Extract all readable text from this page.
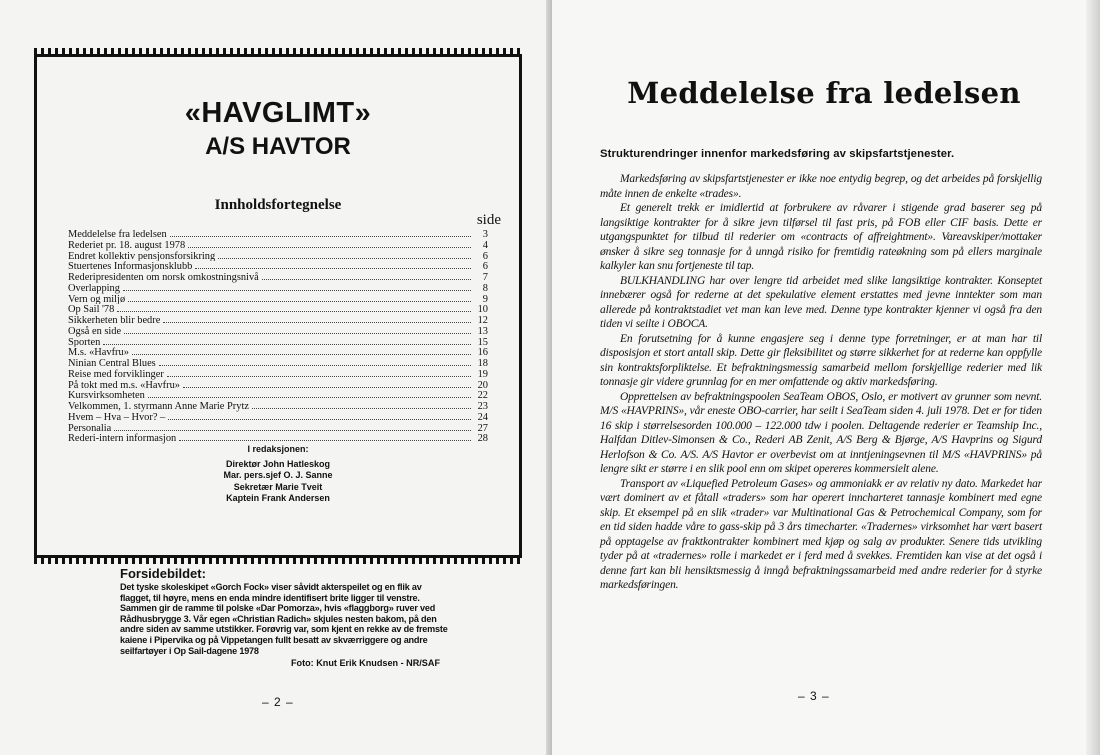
«HAVGLIMT»
A/S HAVTOR
Innholdsfortegnelse
side
Meddelelse fra ledelsen	3
Rederiet pr. 18. august 1978	4
Endret kollektiv pensjonsforsikring	6
Stuertenes Informasjonsklubb	6
Rederipresidenten om norsk omkostningsnivå	7
Overlapping	8
Vern og miljø	9
Op Sail '78	10
Sikkerheten blir bedre	12
Også en side	13
Sporten	15
M.s. «Havfru»	16
Ninian Central Blues	18
Reise med forviklinger	19
På tokt med m.s. «Havfru»	20
Kursvirksomheten	22
Velkommen, 1. styrmann Anne Marie Prytz	23
Hvem – Hva – Hvor? –	24
Personalia	27
Rederi-intern informasjon	28
I redaksjonen:
Direktør John Hatleskog
Mar. pers.sjef O. J. Sanne
Sekretær Marie Tveit
Kaptein Frank Andersen

Forsidebildet:

Det tyske skoleskipet «Gorch Fock» viser såvidt akterspeilet og en flik av flagget, til høyre, mens en enda mindre identifisert brite ligger til venstre. Sammen gir de ramme til polske «Dar Pomorza», hvis «flaggborg» ruver ved Rådhusbrygge 3. Vår egen «Christian Radich» skjules nesten bakom, på den andre siden av samme utstikker. Forøvrig var, som kjent en rekke av de fremste kaiene i Pipervika og på Vippetangen fullt besatt av skværriggere og andre seilfartøyer i Op Sail-dagene 1978

Foto: Knut Erik Knudsen - NR/SAF

– 2 –
Meddelelse fra ledelsen
Strukturendringer innenfor markedsføring av skipsfartstjenester.

Markedsføring av skipsfartstjenester er ikke noe entydig begrep, og det arbeides på forskjellig måte innen de enkelte «trades».

Et generelt trekk er imidlertid at forbrukere av råvarer i stigende grad baserer seg på langsiktige kontrakter for å sikre jevn tilførsel til fast pris, på FOB eller CIF basis. Dette er utgangspunktet for tilbud til rederier om «contracts of affreightment». Vareavskiper/mottaker ønsker å sikre seg tonnasje for å unngå risiko for fremtidig rateøkning som på ellers marginale kalkyler kan snu fortjeneste til tap.

BULKHANDLING har over lengre tid arbeidet med slike langsiktige kontrakter. Konseptet innebærer også for rederne at det spekulative element erstattes med jevne inntekter som man allerede på kontraktstadiet vet man kan leve med. Denne type kontrakter kjenner vi også fra den tiden vi seilte i OBOCA.

En forutsetning for å kunne engasjere seg i denne type forretninger, er at man har til disposisjon et stort antall skip. Dette gir fleksibilitet og større sikkerhet for at rederne kan oppfylle sin kontraktsforpliktelse. Et befraktningsmessig samarbeid mellom forskjellige rederier med lik tonnasje gir videre grunnlag for en mer omfattende og aktiv markedsføring.

Opprettelsen av befraktningspoolen SeaTeam OBOS, Oslo, er motivert av grunner som nevnt. M/S «HAVPRINS», vår eneste OBO-carrier, har seilt i SeaTeam siden 4. juli 1978. Det er for tiden 16 skip i størrelsesorden 100.000 – 122.000 tdw i poolen. Deltagende rederier er Teamship Inc., Halfdan Ditlev-Simonsen & Co., Rederi AB Zenit, A/S Berg & Bjørge, A/S Havprins og Sigurd Herlofson & Co. A/S. A/S Havtor er overbevist om at inntjeningsevnen til M/S «HAVPRINS» på lengre sikt er større i en slik pool enn om skipet opereres kommersielt alene.

Transport av «Liquefied Petroleum Gases» og ammoniakk er av relativ ny dato. Markedet har vært dominert av et fåtall «traders» som har operert inncharteret tannasje kombinert med egne skip. Et eksempel på en slik «trader» var Multinational Gas & Petrochemical Company, som for en tid siden hadde våre to gass-skip på 3 års timecharter. «Tradernes» virksomhet har vært basert på opptagelse av fraktkontrakter kombinert med kjøp og salg av produkter. Senere tids utvikling tyder på at «tradernes» rolle i markedet er i ferd med å svekkes. Fremtiden kan vise at det også i denne fart kan bli hensiktsmessig å inngå befraktningssamarbeid med andre rederier for å styrke markedsføringen.

– 3 –
